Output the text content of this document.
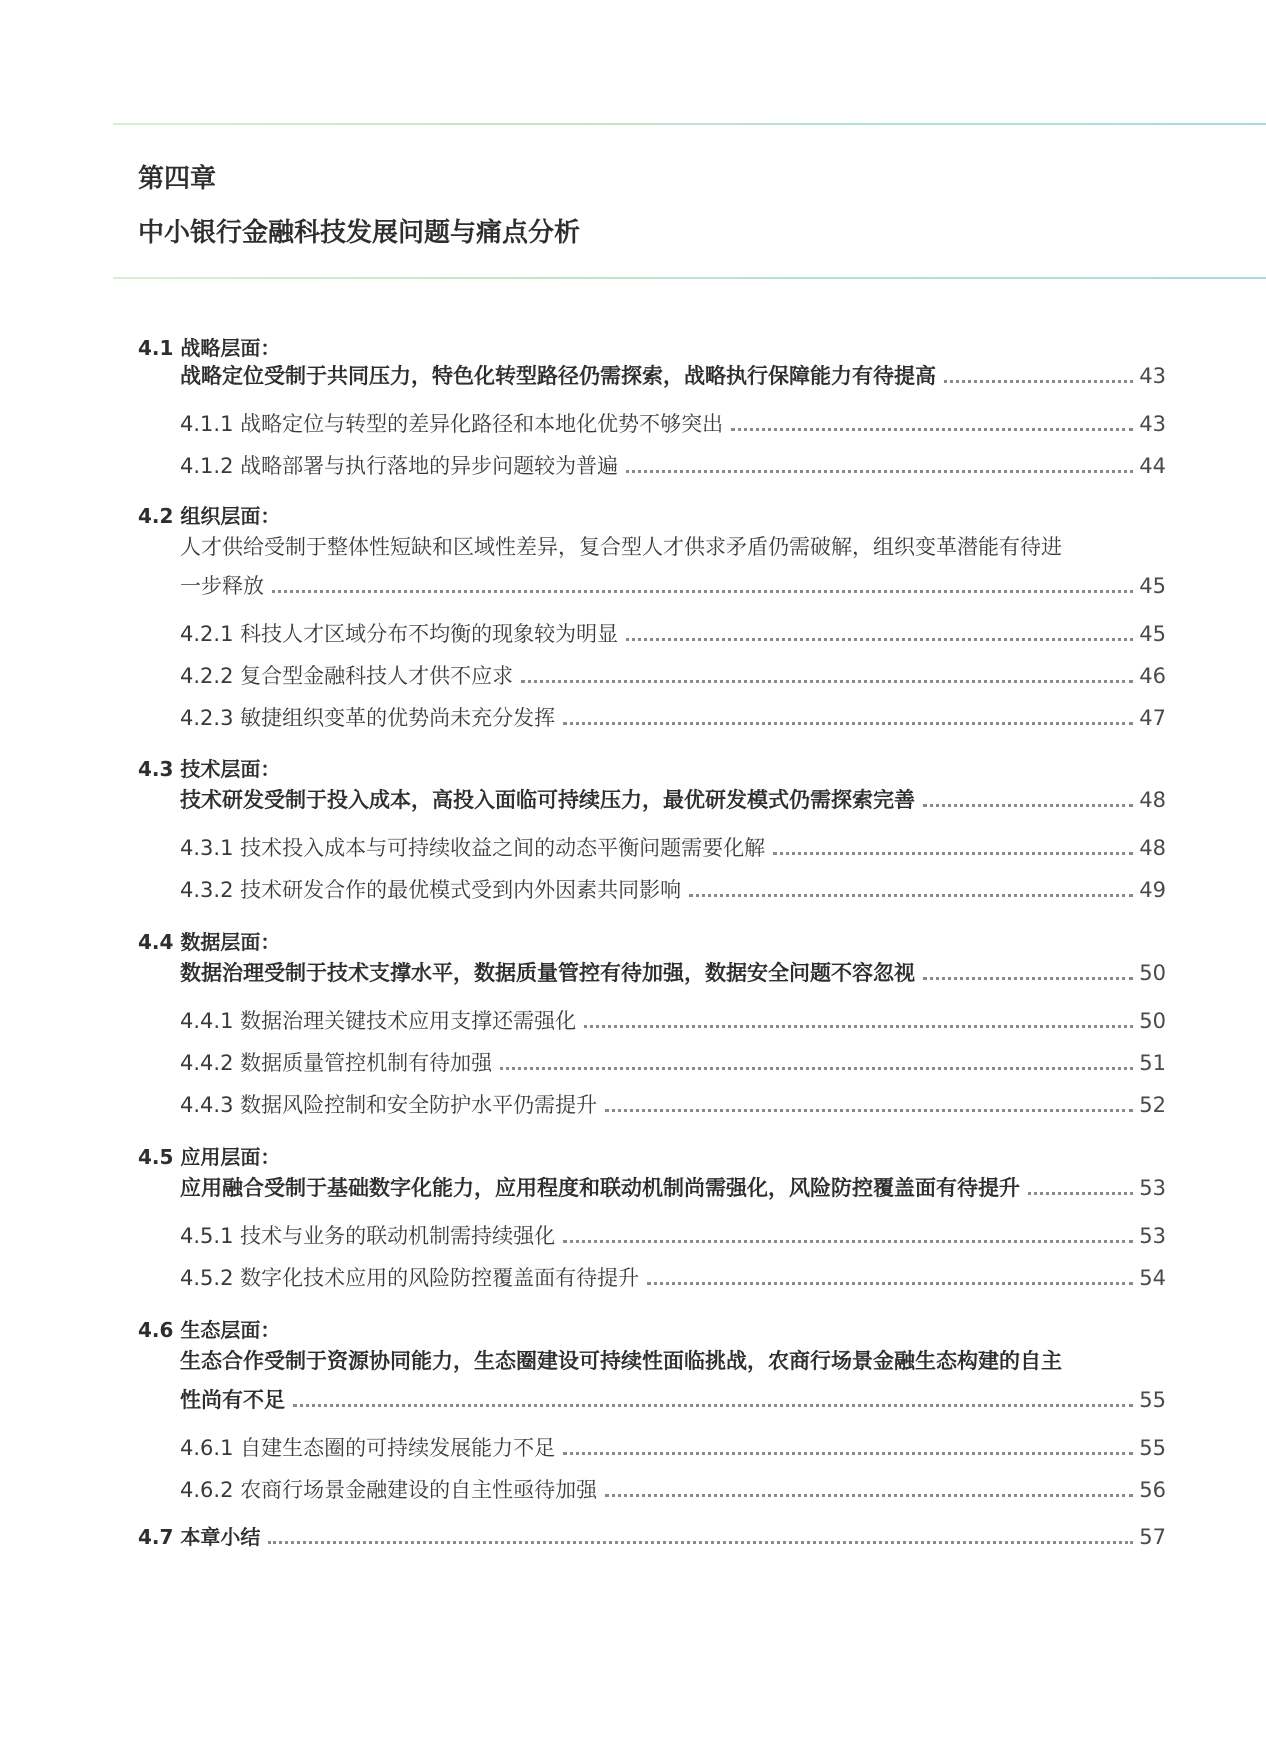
第四章
中小银行金融科技发展问题与痛点分析
4.1 战略层面：
战略定位受制于共同压力，特色化转型路径仍需探索，战略执行保障能力有待提高	43
4.1.1 战略定位与转型的差异化路径和本地化优势不够突出	43
4.1.2 战略部署与执行落地的异步问题较为普遍	44
4.2 组织层面：
人才供给受制于整体性短缺和区域性差异，复合型人才供求矛盾仍需破解，组织变革潜能有待进
一步释放	45
4.2.1 科技人才区域分布不均衡的现象较为明显	45
4.2.2 复合型金融科技人才供不应求	46
4.2.3 敏捷组织变革的优势尚未充分发挥	47
4.3 技术层面：
技术研发受制于投入成本，高投入面临可持续压力，最优研发模式仍需探索完善	48
4.3.1 技术投入成本与可持续收益之间的动态平衡问题需要化解	48
4.3.2 技术研发合作的最优模式受到内外因素共同影响	49
4.4 数据层面：
数据治理受制于技术支撑水平，数据质量管控有待加强，数据安全问题不容忽视	50
4.4.1 数据治理关键技术应用支撑还需强化	50
4.4.2 数据质量管控机制有待加强	51
4.4.3 数据风险控制和安全防护水平仍需提升	52
4.5 应用层面：
应用融合受制于基础数字化能力，应用程度和联动机制尚需强化，风险防控覆盖面有待提升	53
4.5.1 技术与业务的联动机制需持续强化	53
4.5.2 数字化技术应用的风险防控覆盖面有待提升	54
4.6 生态层面：
生态合作受制于资源协同能力，生态圈建设可持续性面临挑战，农商行场景金融生态构建的自主
性尚有不足	55
4.6.1 自建生态圈的可持续发展能力不足	55
4.6.2 农商行场景金融建设的自主性亟待加强	56
4.7 本章小结	57
